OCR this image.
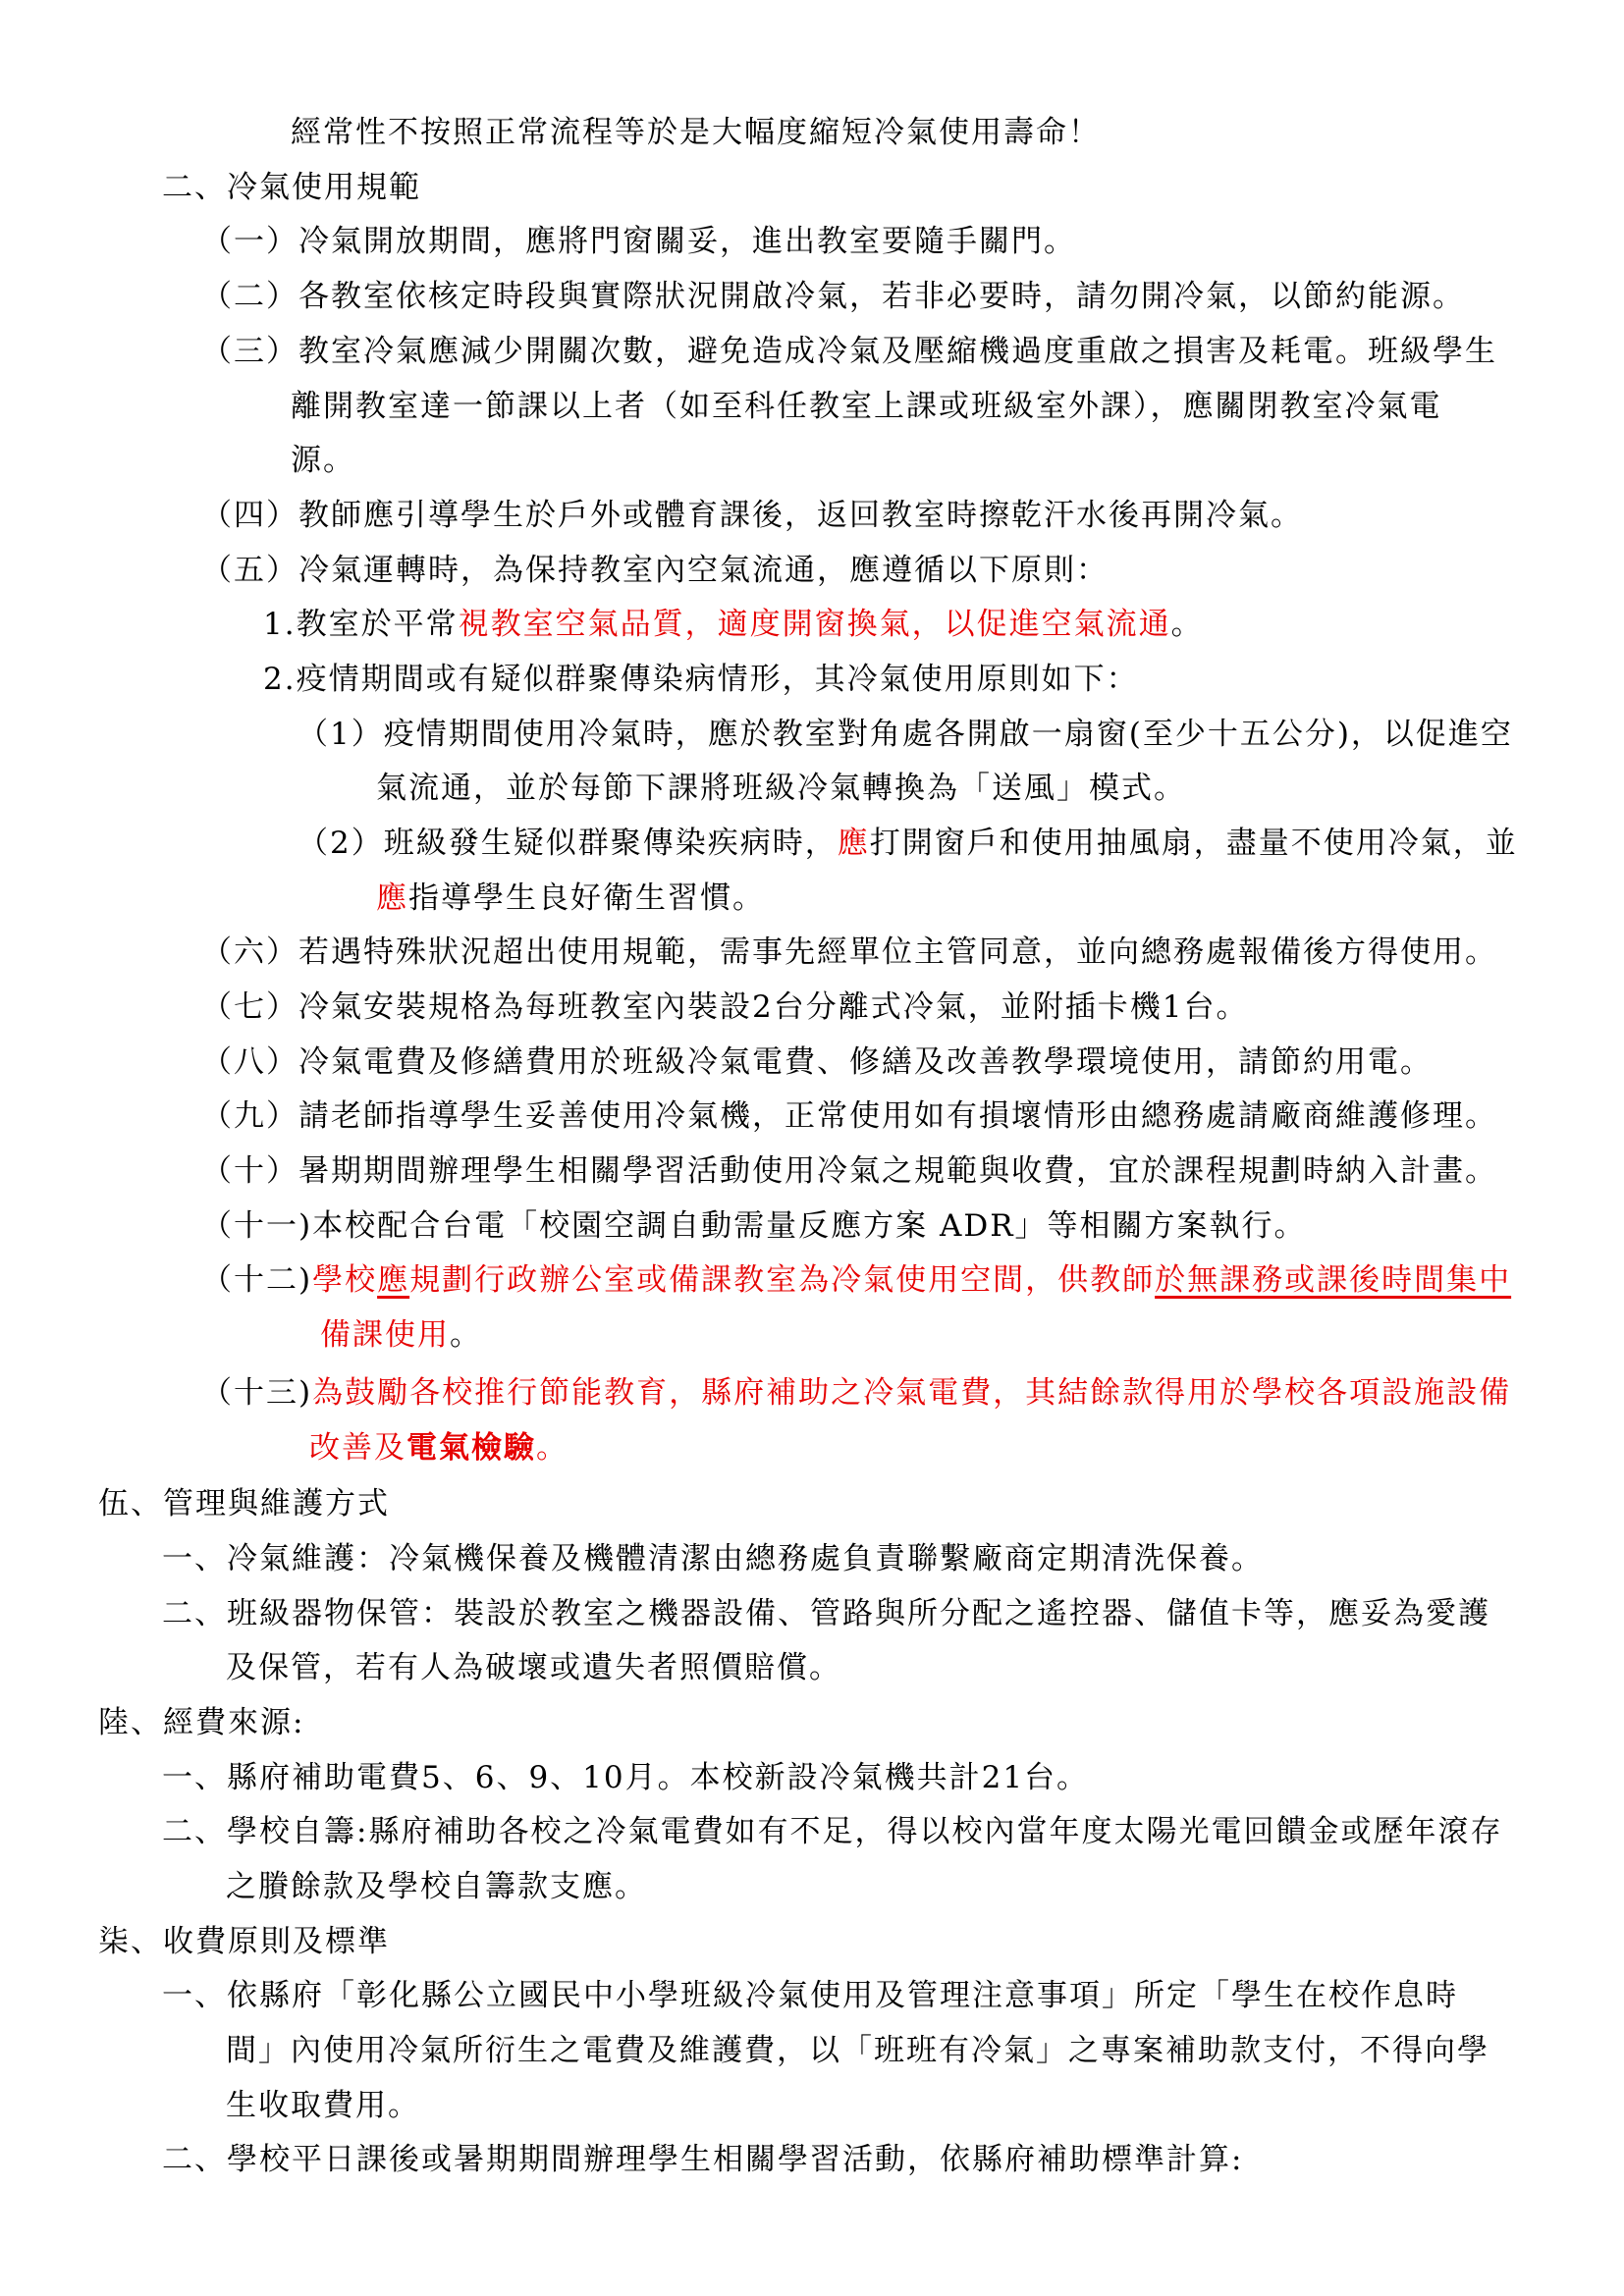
經常性不按照正常流程等於是大幅度縮短冷氣使用壽命！
二、冷氣使用規範
（一）冷氣開放期間，應將門窗關妥，進出教室要隨手關門。
（二）各教室依核定時段與實際狀況開啟冷氣，若非必要時，請勿開冷氣，以節約能源。
（三）教室冷氣應減少開關次數，避免造成冷氣及壓縮機過度重啟之損害及耗電。班級學生
離開教室達一節課以上者（如至科任教室上課或班級室外課），應關閉教室冷氣電
源。
（四）教師應引導學生於戶外或體育課後，返回教室時擦乾汗水後再開冷氣。
（五）冷氣運轉時，為保持教室內空氣流通，應遵循以下原則：
1.教室於平常視教室空氣品質，適度開窗換氣，以促進空氣流通。
2.疫情期間或有疑似群聚傳染病情形，其冷氣使用原則如下：
（1）疫情期間使用冷氣時，應於教室對角處各開啟一扇窗(至少十五公分)，以促進空
氣流通，並於每節下課將班級冷氣轉換為「送風」模式。
（2）班級發生疑似群聚傳染疾病時，應打開窗戶和使用抽風扇，盡量不使用冷氣，並
應指導學生良好衛生習慣。
（六）若遇特殊狀況超出使用規範，需事先經單位主管同意，並向總務處報備後方得使用。
（七）冷氣安裝規格為每班教室內裝設2台分離式冷氣，並附插卡機1台。
（八）冷氣電費及修繕費用於班級冷氣電費、修繕及改善教學環境使用，請節約用電。
（九）請老師指導學生妥善使用冷氣機，正常使用如有損壞情形由總務處請廠商維護修理。
（十）暑期期間辦理學生相關學習活動使用冷氣之規範與收費，宜於課程規劃時納入計畫。
（十一)本校配合台電「校園空調自動需量反應方案 ADR」等相關方案執行。
（十二)學校應規劃行政辦公室或備課教室為冷氣使用空間，供教師於無課務或課後時間集中
備課使用。
（十三)為鼓勵各校推行節能教育，縣府補助之冷氣電費，其結餘款得用於學校各項設施設備
改善及電氣檢驗。
伍、管理與維護方式
一、冷氣維護：冷氣機保養及機體清潔由總務處負責聯繫廠商定期清洗保養。
二、班級器物保管：裝設於教室之機器設備、管路與所分配之遙控器、儲值卡等，應妥為愛護
及保管，若有人為破壞或遺失者照價賠償。
陸、經費來源:
一、縣府補助電費5、6、9、10月。本校新設冷氣機共計21台。
二、學校自籌:縣府補助各校之冷氣電費如有不足，得以校內當年度太陽光電回饋金或歷年滾存
之賸餘款及學校自籌款支應。
柒、收費原則及標準
一、依縣府「彰化縣公立國民中小學班級冷氣使用及管理注意事項」所定「學生在校作息時
間」內使用冷氣所衍生之電費及維護費，以「班班有冷氣」之專案補助款支付，不得向學
生收取費用。
二、學校平日課後或暑期期間辦理學生相關學習活動，依縣府補助標準計算:
